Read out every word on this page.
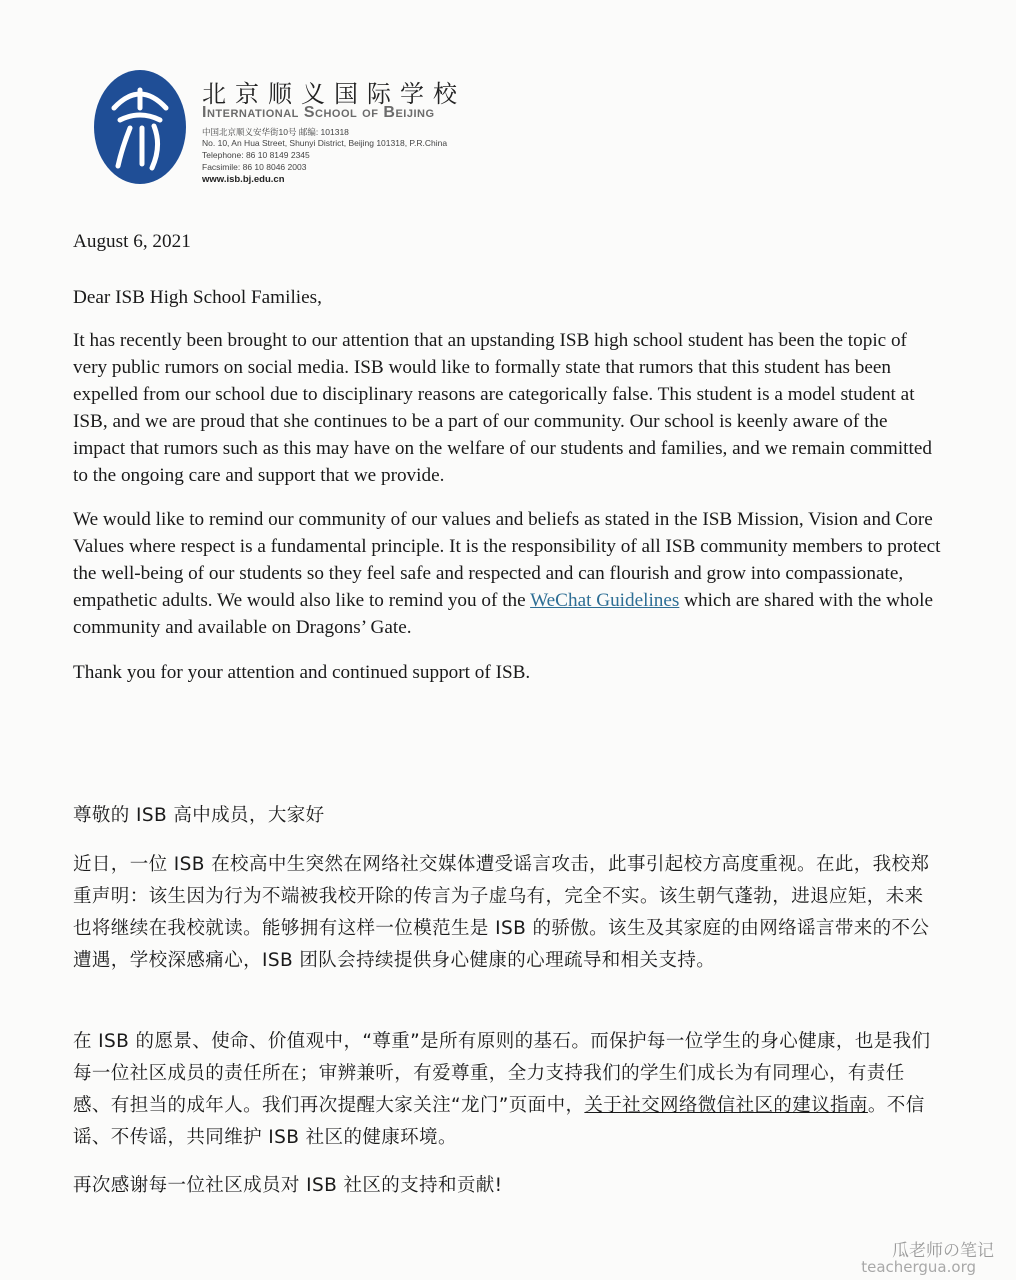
北京顺义国际学校
International School of Beijing
中国北京顺义安华街10号 邮编: 101318
No. 10, An Hua Street, Shunyi District, Beijing 101318, P.R.China
Telephone: 86 10 8149 2345
Facsimile: 86 10 8046 2003
www.isb.bj.edu.cn
August 6, 2021
Dear ISB High School Families,
It has recently been brought to our attention that an upstanding ISB high school student has been the topic of very public rumors on social media. ISB would like to formally state that rumors that this student has been expelled from our school due to disciplinary reasons are categorically false. This student is a model student at ISB, and we are proud that she continues to be a part of our community. Our school is keenly aware of the impact that rumors such as this may have on the welfare of our students and families, and we remain committed to the ongoing care and support that we provide.
We would like to remind our community of our values and beliefs as stated in the ISB Mission, Vision and Core Values where respect is a fundamental principle. It is the responsibility of all ISB community members to protect the well-being of our students so they feel safe and respected and can flourish and grow into compassionate, empathetic adults. We would also like to remind you of the WeChat Guidelines which are shared with the whole community and available on Dragons’ Gate.
Thank you for your attention and continued support of ISB.
尊敬的 ISB 高中成员，大家好
近日，一位 ISB 在校高中生突然在网络社交媒体遭受谣言攻击，此事引起校方高度重视。在此，我校郑重声明：该生因为行为不端被我校开除的传言为子虚乌有，完全不实。该生朝气蓬勃，进退应矩，未来也将继续在我校就读。能够拥有这样一位模范生是 ISB 的骄傲。该生及其家庭的由网络谣言带来的不公遭遇，学校深感痛心，ISB 团队会持续提供身心健康的心理疏导和相关支持。
在 ISB 的愿景、使命、价值观中，“尊重”是所有原则的基石。而保护每一位学生的身心健康，也是我们每一位社区成员的责任所在；审辨兼听，有爱尊重，全力支持我们的学生们成长为有同理心，有责任感、有担当的成年人。我们再次提醒大家关注“龙门”页面中，关于社交网络微信社区的建议指南。不信谣、不传谣，共同维护 ISB 社区的健康环境。
再次感谢每一位社区成员对 ISB 社区的支持和贡献!
瓜老师の笔记
teachergua.org
